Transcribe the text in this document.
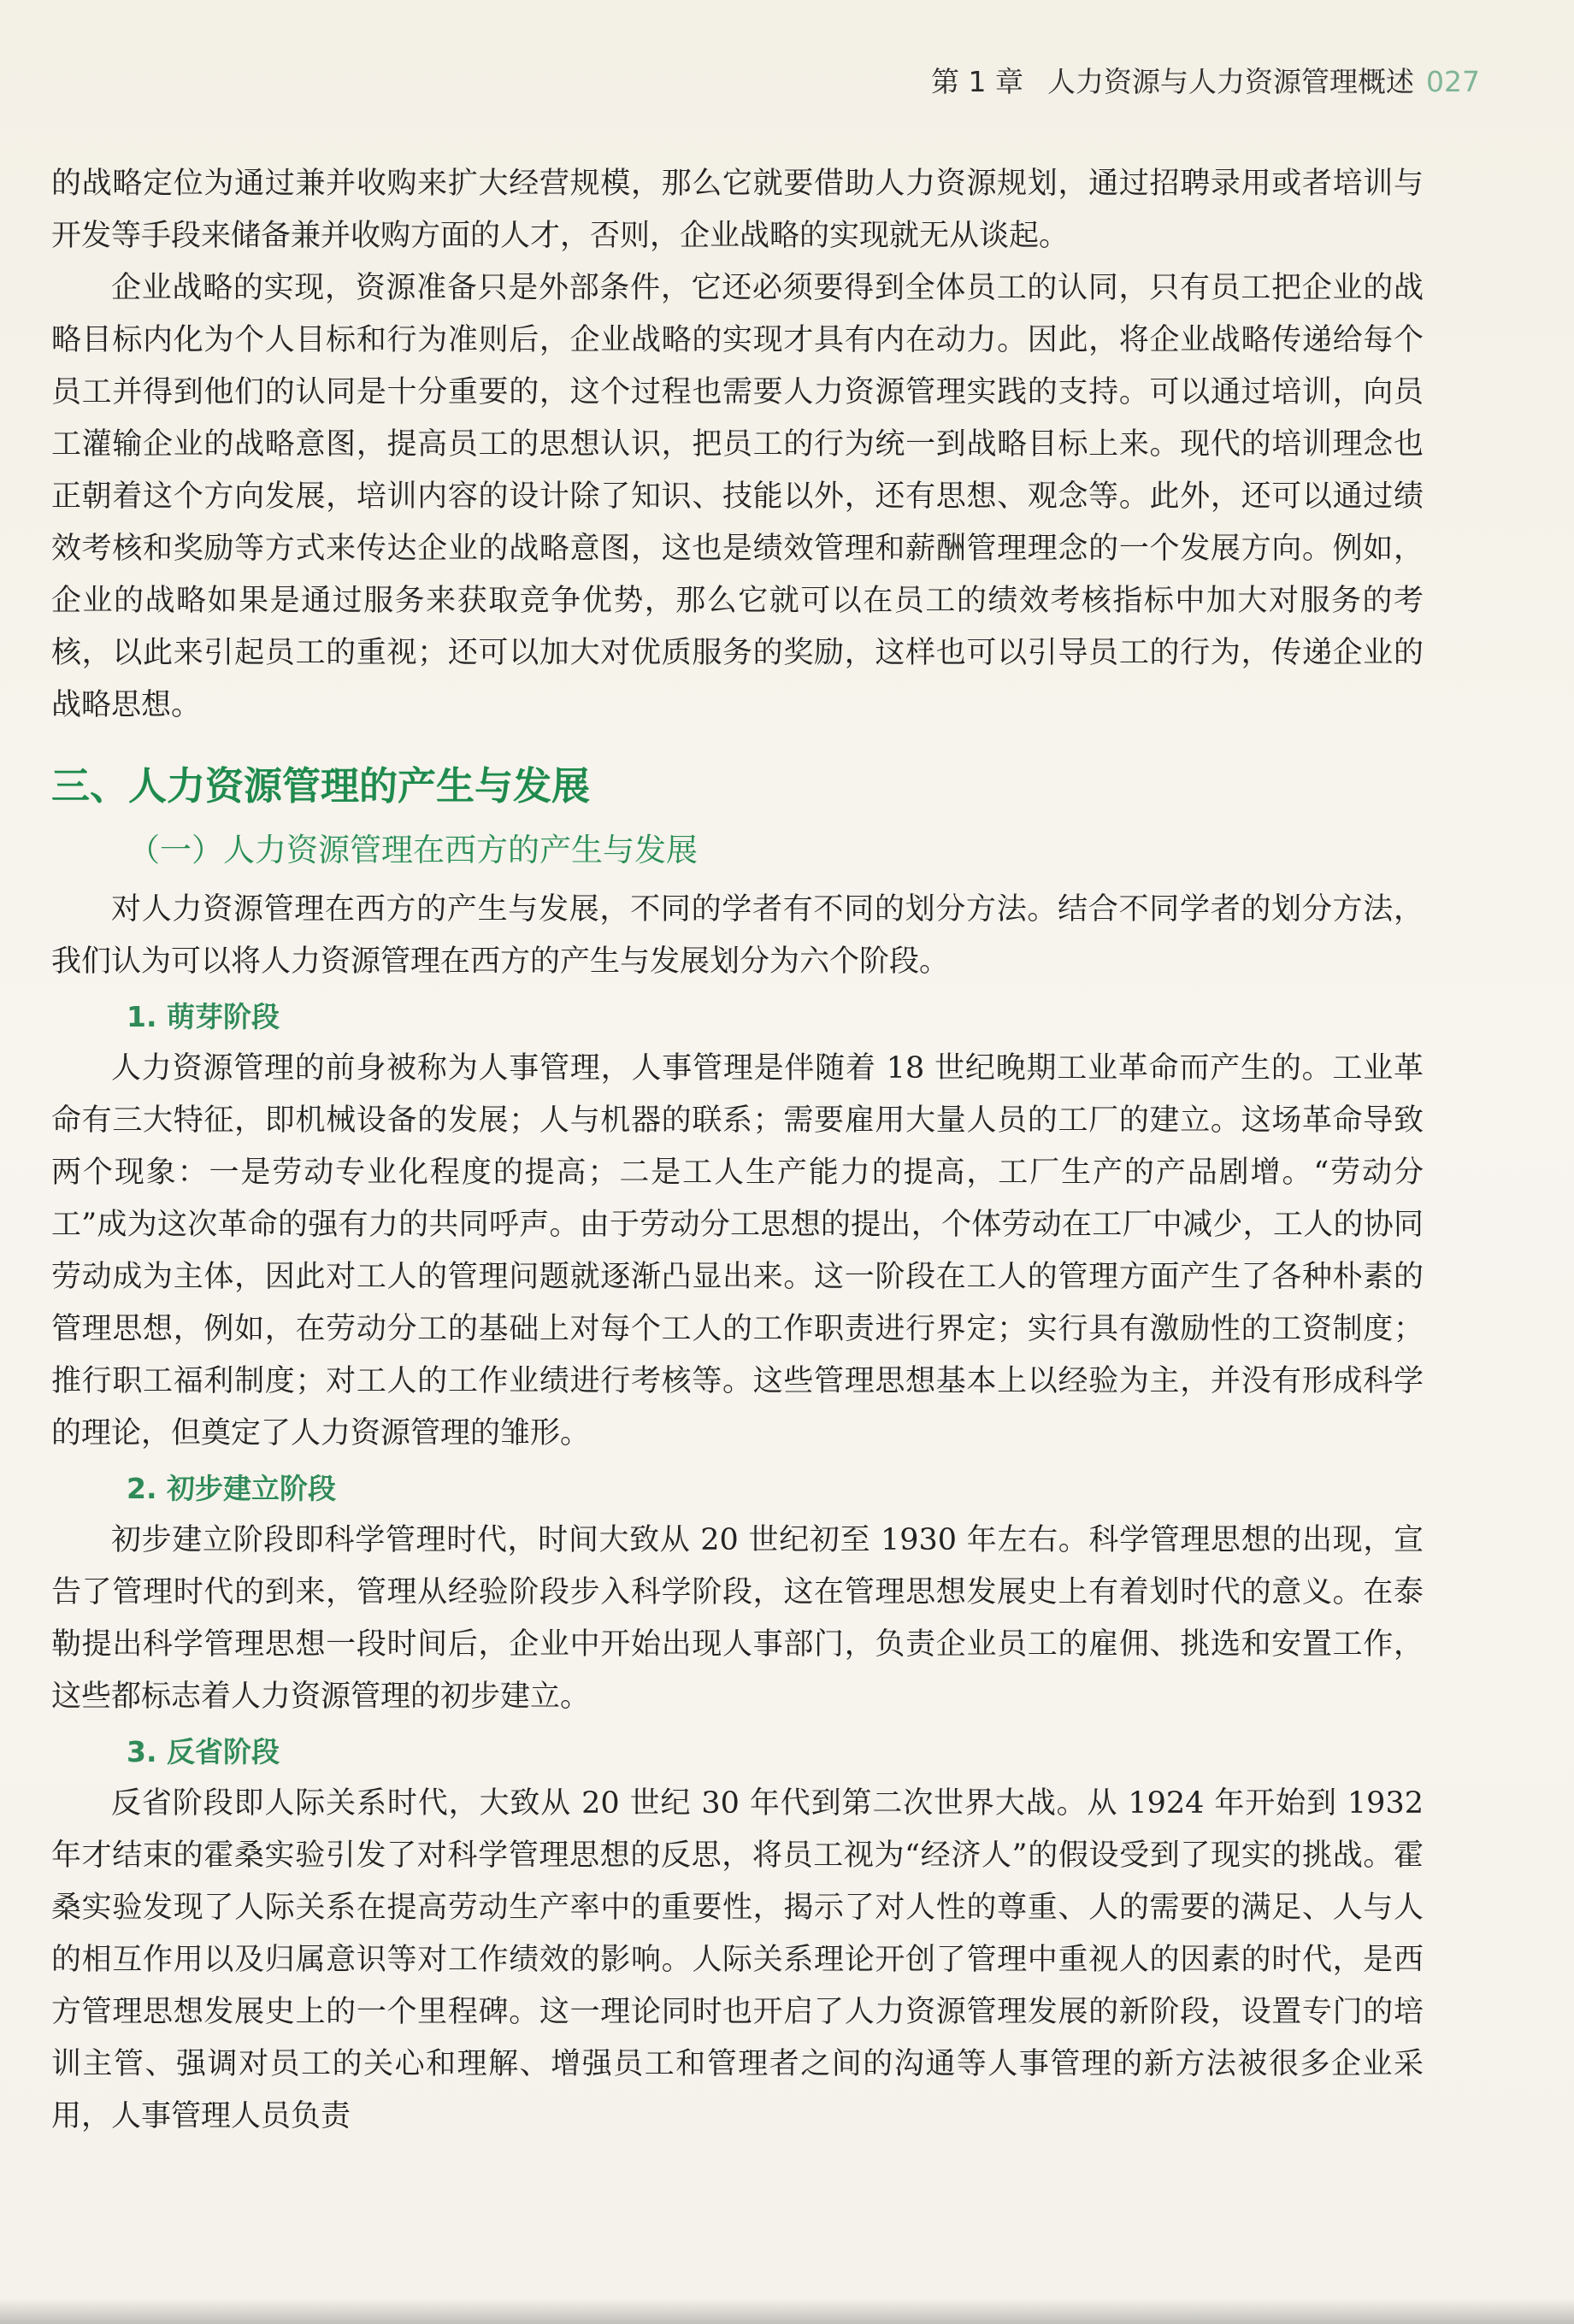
第 1 章 人力资源与人力资源管理概述 027

的战略定位为通过兼并收购来扩大经营规模，那么它就要借助人力资源规划，通过招聘录用或者培训与开发等手段来储备兼并收购方面的人才，否则，企业战略的实现就无从谈起。

企业战略的实现，资源准备只是外部条件，它还必须要得到全体员工的认同，只有员工把企业的战略目标内化为个人目标和行为准则后，企业战略的实现才具有内在动力。因此，将企业战略传递给每个员工并得到他们的认同是十分重要的，这个过程也需要人力资源管理实践的支持。可以通过培训，向员工灌输企业的战略意图，提高员工的思想认识，把员工的行为统一到战略目标上来。现代的培训理念也正朝着这个方向发展，培训内容的设计除了知识、技能以外，还有思想、观念等。此外，还可以通过绩效考核和奖励等方式来传达企业的战略意图，这也是绩效管理和薪酬管理理念的一个发展方向。例如，企业的战略如果是通过服务来获取竞争优势，那么它就可以在员工的绩效考核指标中加大对服务的考核，以此来引起员工的重视；还可以加大对优质服务的奖励，这样也可以引导员工的行为，传递企业的战略思想。

三、人力资源管理的产生与发展
（一）人力资源管理在西方的产生与发展

对人力资源管理在西方的产生与发展，不同的学者有不同的划分方法。结合不同学者的划分方法，我们认为可以将人力资源管理在西方的产生与发展划分为六个阶段。

1. 萌芽阶段

人力资源管理的前身被称为人事管理，人事管理是伴随着 18 世纪晚期工业革命而产生的。工业革命有三大特征，即机械设备的发展；人与机器的联系；需要雇用大量人员的工厂的建立。这场革命导致两个现象：一是劳动专业化程度的提高；二是工人生产能力的提高，工厂生产的产品剧增。“劳动分工”成为这次革命的强有力的共同呼声。由于劳动分工思想的提出，个体劳动在工厂中减少，工人的协同劳动成为主体，因此对工人的管理问题就逐渐凸显出来。这一阶段在工人的管理方面产生了各种朴素的管理思想，例如，在劳动分工的基础上对每个工人的工作职责进行界定；实行具有激励性的工资制度；推行职工福利制度；对工人的工作业绩进行考核等。这些管理思想基本上以经验为主，并没有形成科学的理论，但奠定了人力资源管理的雏形。

2. 初步建立阶段

初步建立阶段即科学管理时代，时间大致从 20 世纪初至 1930 年左右。科学管理思想的出现，宣告了管理时代的到来，管理从经验阶段步入科学阶段，这在管理思想发展史上有着划时代的意义。在泰勒提出科学管理思想一段时间后，企业中开始出现人事部门，负责企业员工的雇佣、挑选和安置工作，这些都标志着人力资源管理的初步建立。

3. 反省阶段

反省阶段即人际关系时代，大致从 20 世纪 30 年代到第二次世界大战。从 1924 年开始到 1932 年才结束的霍桑实验引发了对科学管理思想的反思，将员工视为“经济人”的假设受到了现实的挑战。霍桑实验发现了人际关系在提高劳动生产率中的重要性，揭示了对人性的尊重、人的需要的满足、人与人的相互作用以及归属意识等对工作绩效的影响。人际关系理论开创了管理中重视人的因素的时代，是西方管理思想发展史上的一个里程碑。这一理论同时也开启了人力资源管理发展的新阶段，设置专门的培训主管、强调对员工的关心和理解、增强员工和管理者之间的沟通等人事管理的新方法被很多企业采用，人事管理人员负责
